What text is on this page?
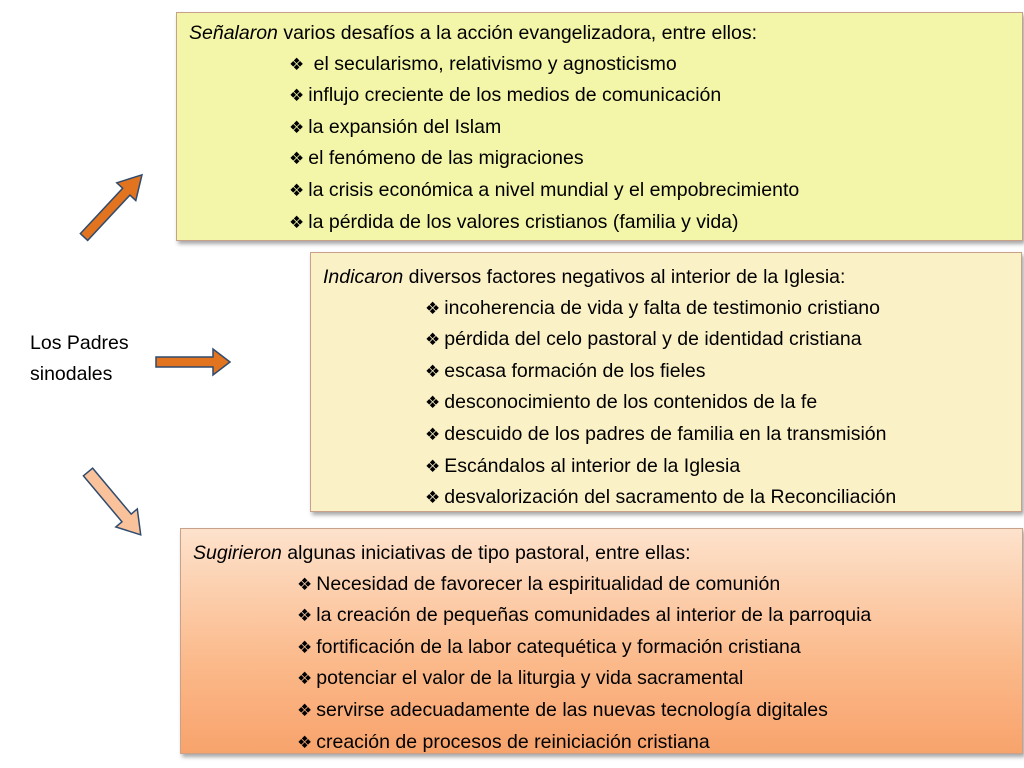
Los Padres
sinodales
Señalaron varios desafíos a la acción evangelizadora, entre ellos:
❖ el secularismo, relativismo y agnosticismo
❖ influjo creciente de los medios de comunicación
❖ la expansión del Islam
❖ el fenómeno de las migraciones
❖ la crisis económica a nivel mundial y el empobrecimiento
❖ la pérdida de los valores cristianos (familia y vida)
Indicaron diversos factores negativos al interior de la Iglesia:
❖ incoherencia de vida y falta de testimonio cristiano
❖ pérdida del celo pastoral y de identidad cristiana
❖ escasa formación de los fieles
❖ desconocimiento de los contenidos de la fe
❖ descuido de los padres de familia en la transmisión
❖ Escándalos al interior de la Iglesia
❖ desvalorización del sacramento de la Reconciliación
Sugirieron algunas iniciativas de tipo pastoral, entre ellas:
❖ Necesidad de favorecer la espiritualidad de comunión
❖ la creación de pequeñas comunidades al interior de la parroquia
❖ fortificación de la labor catequética y formación cristiana
❖ potenciar el valor de la liturgia y vida sacramental
❖ servirse adecuadamente de las nuevas tecnología digitales
❖ creación de procesos de reiniciación cristiana
